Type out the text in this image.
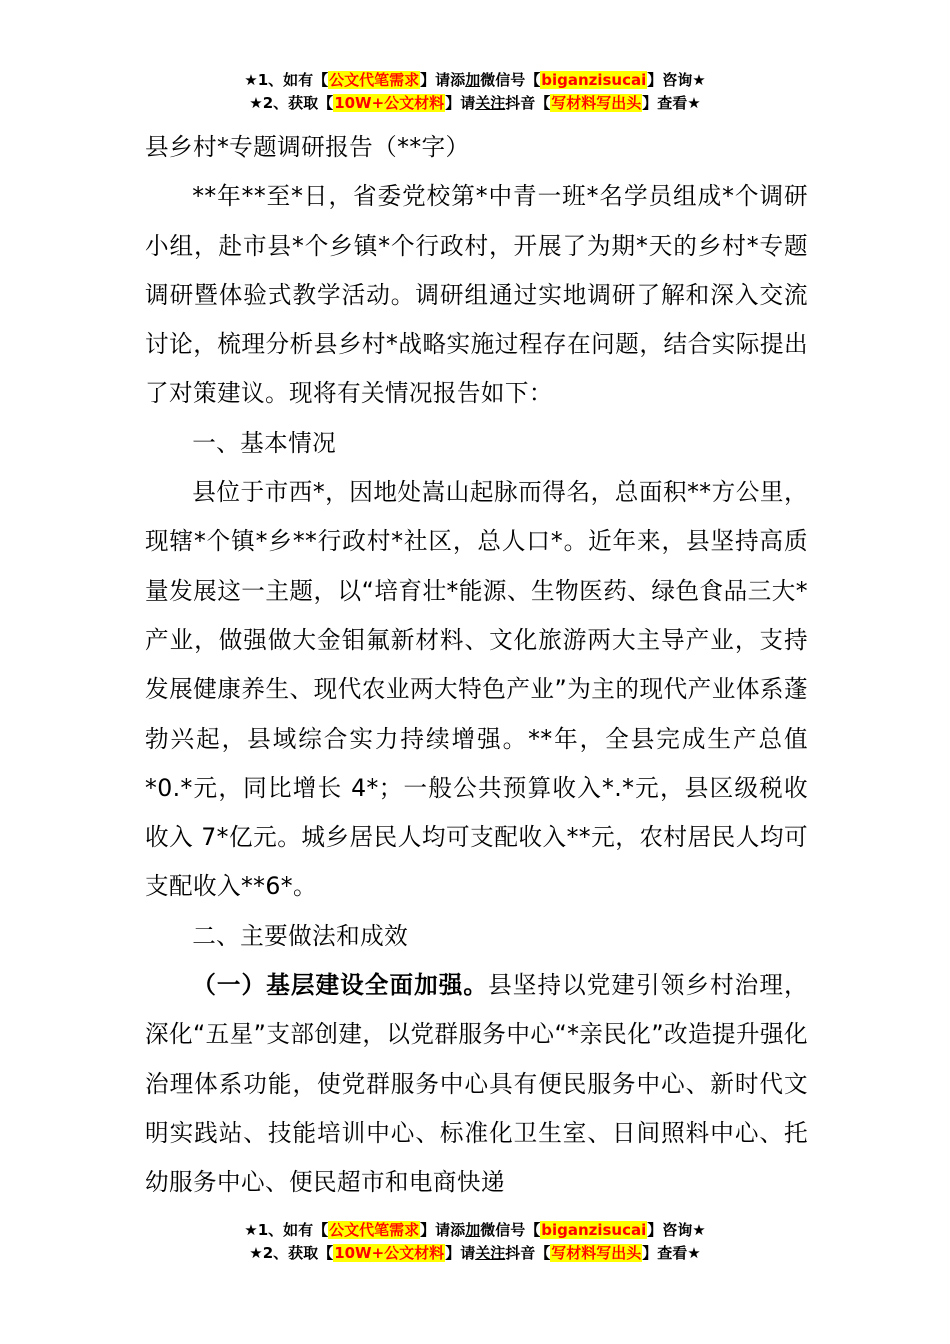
★1、如有【公文代笔需求】请添加微信号【biganzisucai】咨询★
★2、获取【10W+公文材料】请关注抖音【写材料写出头】查看★

县乡村*专题调研报告（**字）

**年**至*日，省委党校第*中青一班*名学员组成*个调研小组，赴市县*个乡镇*个行政村，开展了为期*天的乡村*专题调研暨体验式教学活动。调研组通过实地调研了解和深入交流讨论，梳理分析县乡村*战略实施过程存在问题，结合实际提出了对策建议。现将有关情况报告如下：

一、基本情况

县位于市西*，因地处嵩山起脉而得名，总面积**方公里，现辖*个镇*乡**行政村*社区，总人口*。近年来，县坚持高质量发展这一主题，以“培育壮*能源、生物医药、绿色食品三大*产业，做强做大金钼氟新材料、文化旅游两大主导产业，支持发展健康养生、现代农业两大特色产业”为主的现代产业体系蓬勃兴起，县域综合实力持续增强。**年，全县完成生产总值*0.*元，同比增长 4*；一般公共预算收入*.*元，县区级税收收入 7*亿元。城乡居民人均可支配收入**元，农村居民人均可支配收入**6*。

二、主要做法和成效

（一）基层建设全面加强。县坚持以党建引领乡村治理，深化“五星”支部创建，以党群服务中心“*亲民化”改造提升强化治理体系功能，使党群服务中心具有便民服务中心、新时代文明实践站、技能培训中心、标准化卫生室、日间照料中心、托幼服务中心、便民超市和电商快递

★1、如有【公文代笔需求】请添加微信号【biganzisucai】咨询★
★2、获取【10W+公文材料】请关注抖音【写材料写出头】查看★
